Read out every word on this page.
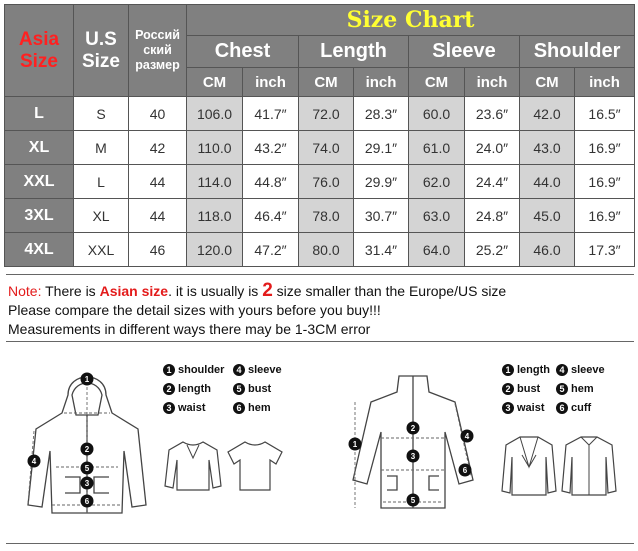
Asia Size	U.S Size	Россий ский размер	Size Chart							
			Chest		Length		Sleeve		Shoulder	
			CM	inch	CM	inch	CM	inch	CM	inch
L	S	40	106.0	41.7″	72.0	28.3″	60.0	23.6″	42.0	16.5″
XL	M	42	110.0	43.2″	74.0	29.1″	61.0	24.0″	43.0	16.9″
XXL	L	44	114.0	44.8″	76.0	29.9″	62.0	24.4″	44.0	16.9″
3XL	XL	44	118.0	46.4″	78.0	30.7″	63.0	24.8″	45.0	16.9″
4XL	XXL	46	120.0	47.2″	80.0	31.4″	64.0	25.2″	46.0	17.3″
Note: There is Asian size. it is usually is 2 size smaller than the Europe/US size
Please compare the detail sizes with yours before you buy!!!
Measurements in different ways there may be 1-3CM error
1 shoulder	4 sleeve
2 length	5 bust
3 waist	6 hem
1 length	4 sleeve
2 bust	5 hem
3 waist	6 cuff
1
2
3
4
5
6
1
2
3
4
5
6
